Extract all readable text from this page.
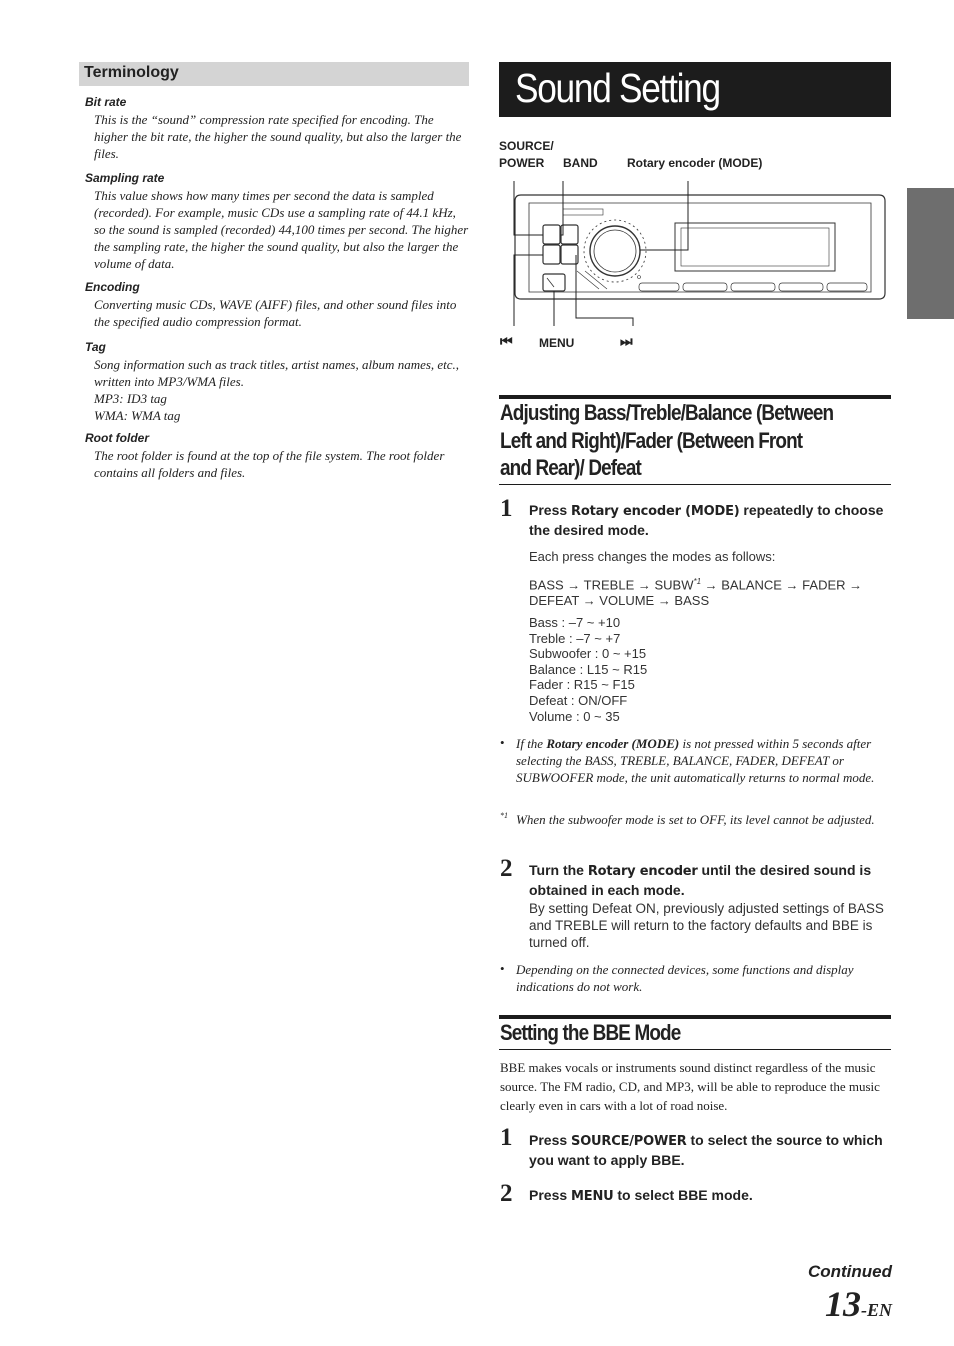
Terminology
Bit rate
This is the “sound” compression rate specified for encoding. The higher the bit rate, the higher the sound quality, but also the larger the files.
Sampling rate
This value shows how many times per second the data is sampled (recorded). For example, music CDs use a sampling rate of 44.1 kHz, so the sound is sampled (recorded) 44,100 times per second. The higher the sampling rate, the higher the sound quality, but also the larger the volume of data.
Encoding
Converting music CDs, WAVE (AIFF) files, and other sound files into the specified audio compression format.
Tag

Song information such as track titles, artist names, album names, etc., written into MP3/WMA files.

MP3: ID3 tag

WMA: WMA tag

Root folder
The root folder is found at the top of the file system. The root folder contains all folders and files.
Sound Setting
SOURCE/
POWER BAND Rotary encoder (MODE)
⏮ MENU	⏭
Adjusting Bass/Treble/Balance (Between Left and Right)/Fader (Between Front and Rear)/ Defeat
1 Press Rotary encoder (MODE) repeatedly to choose the desired mode.
Each press changes the modes as follows:
BASS → TREBLE → $SUBW^{*1}$ → BALANCE → FADER → DEFEAT → VOLUME → BASS
Bass : –7 ~ +10
Treble : –7 ~ +7
Subwoofer : 0 ~ +15
Balance : L15 ~ R15
Fader : R15 ~ F15
Defeat : ON/OFF
Volume : 0 ~ 35
• If the Rotary encoder (MODE) is not pressed within 5 seconds after selecting the BASS, TREBLE, BALANCE, FADER, DEFEAT or SUBWOOFER mode, the unit automatically returns to normal mode.
*1 When the subwoofer mode is set to OFF, its level cannot be adjusted.
2 Turn the Rotary encoder until the desired sound is obtained in each mode.
By setting Defeat ON, previously adjusted settings of BASS and TREBLE will return to the factory defaults and BBE is turned off.
• Depending on the connected devices, some functions and display indications do not work.
Setting the BBE Mode
BBE makes vocals or instruments sound distinct regardless of the music source. The FM radio, CD, and MP3, will be able to reproduce the music clearly even in cars with a lot of road noise.
1 Press SOURCE/POWER to select the source to which you want to apply BBE.
2 Press MENU to select BBE mode.
Continued
13-EN
